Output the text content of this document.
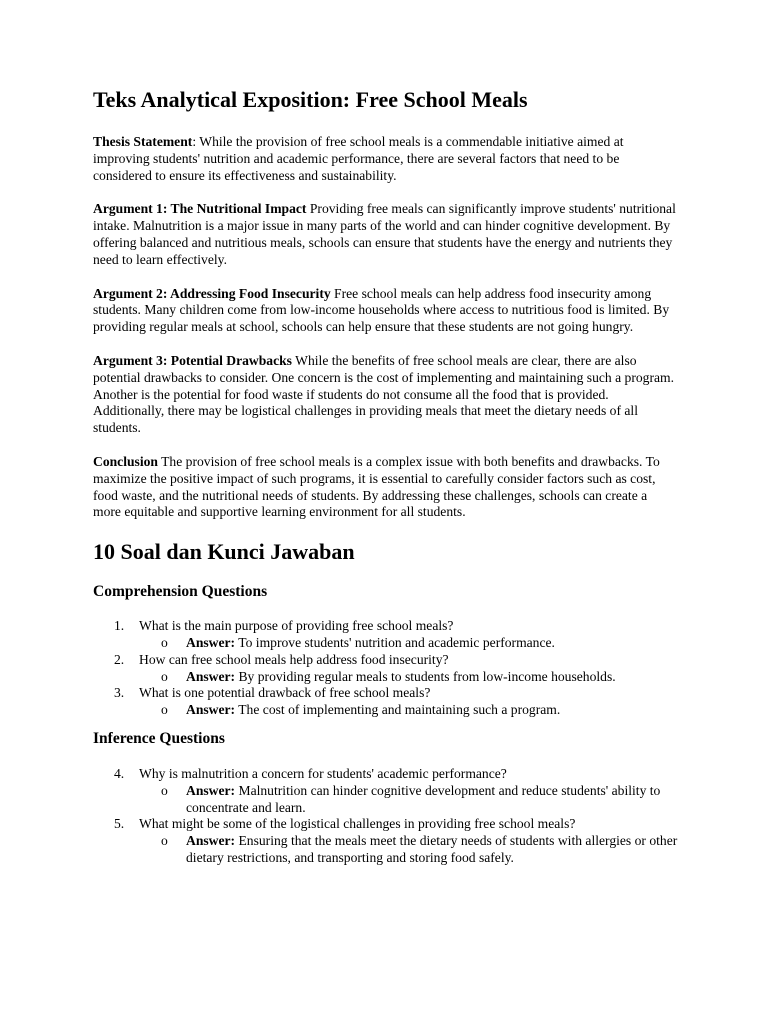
Teks Analytical Exposition: Free School Meals

Thesis Statement: While the provision of free school meals is a commendable initiative aimed at improving students' nutrition and academic performance, there are several factors that need to be considered to ensure its effectiveness and sustainability.

Argument 1: The Nutritional Impact Providing free meals can significantly improve students' nutritional intake. Malnutrition is a major issue in many parts of the world and can hinder cognitive development. By offering balanced and nutritious meals, schools can ensure that students have the energy and nutrients they need to learn effectively.

Argument 2: Addressing Food Insecurity Free school meals can help address food insecurity among students. Many children come from low-income households where access to nutritious food is limited. By providing regular meals at school, schools can help ensure that these students are not going hungry.

Argument 3: Potential Drawbacks While the benefits of free school meals are clear, there are also potential drawbacks to consider. One concern is the cost of implementing and maintaining such a program. Another is the potential for food waste if students do not consume all the food that is provided. Additionally, there may be logistical challenges in providing meals that meet the dietary needs of all students.

Conclusion The provision of free school meals is a complex issue with both benefits and drawbacks. To maximize the positive impact of such programs, it is essential to carefully consider factors such as cost, food waste, and the nutritional needs of students. By addressing these challenges, schools can create a more equitable and supportive learning environment for all students.

10 Soal dan Kunci Jawaban
Comprehension Questions
1.	What is the main purpose of providing free school meals?
o Answer: To improve students' nutrition and academic performance.
2.	How can free school meals help address food insecurity?
o Answer: By providing regular meals to students from low-income households.
3.	What is one potential drawback of free school meals?
o Answer: The cost of implementing and maintaining such a program.
Inference Questions
4.	Why is malnutrition a concern for students' academic performance?
o Answer: Malnutrition can hinder cognitive development and reduce students' ability to concentrate and learn.
5.	What might be some of the logistical challenges in providing free school meals?
o Answer: Ensuring that the meals meet the dietary needs of students with allergies or other dietary restrictions, and transporting and storing food safely.
